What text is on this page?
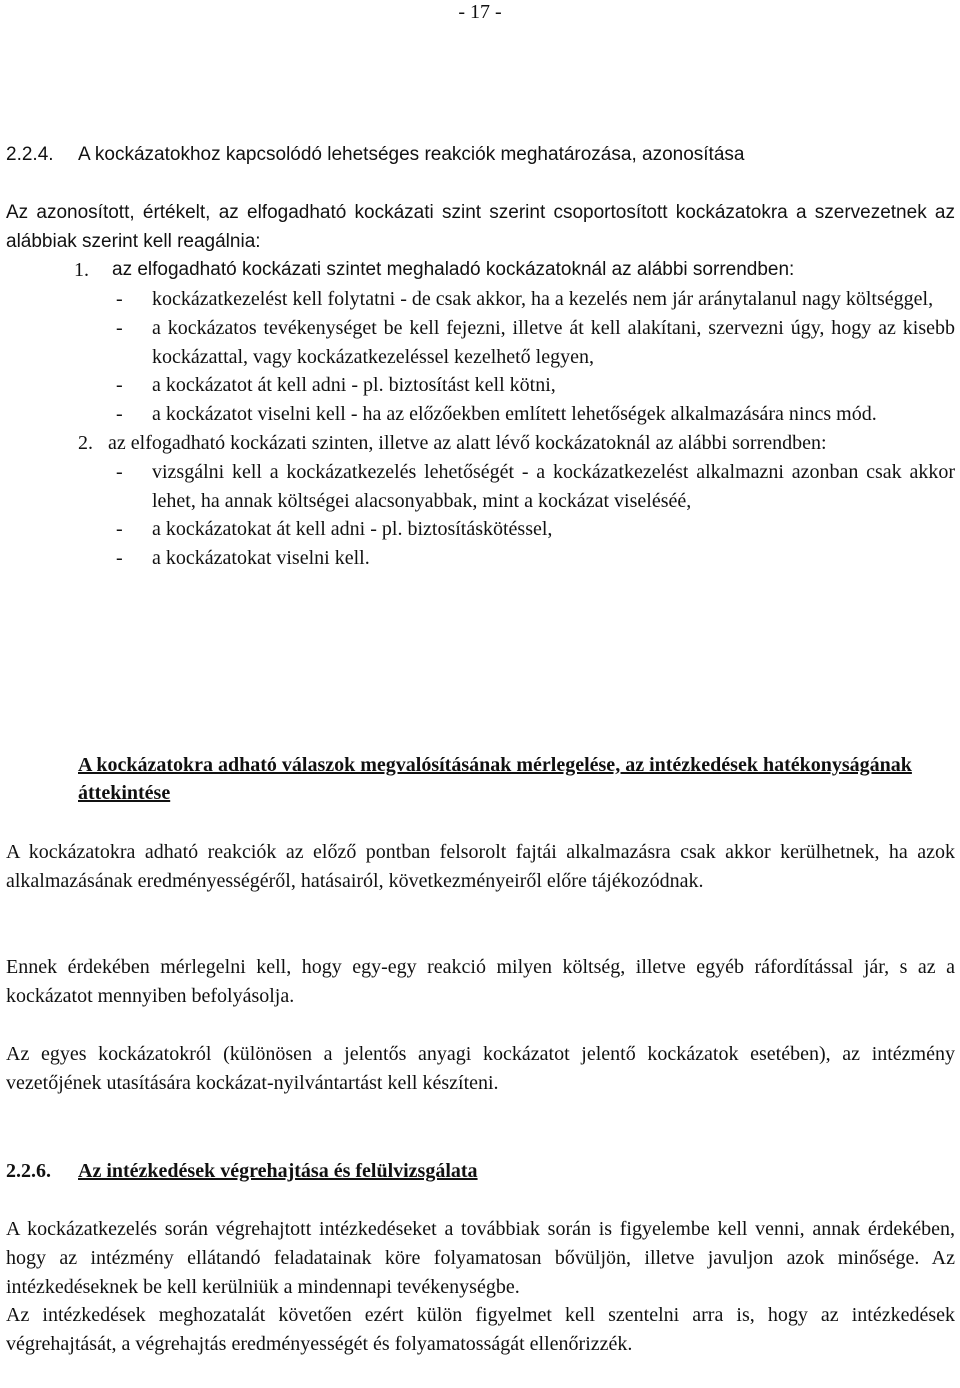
- 17 -

2.2.4. A kockázatokhoz kapcsolódó lehetséges reakciók meghatározása, azonosítása

Az azonosított, értékelt, az elfogadható kockázati szint szerint csoportosított kockázatokra a szervezetnek az alábbiak szerint kell reagálnia:

1.	az elfogadható kockázati szintet meghaladó kockázatoknál az alábbi sorrendben:
- kockázatkezelést kell folytatni - de csak akkor, ha a kezelés nem jár aránytalanul nagy költséggel,
- a kockázatos tevékenységet be kell fejezni, illetve át kell alakítani, szervezni úgy, hogy az kisebb kockázattal, vagy kockázatkezeléssel kezelhető legyen,
- a kockázatot át kell adni - pl. biztosítást kell kötni,
- a kockázatot viselni kell - ha az előzőekben említett lehetőségek alkalmazására nincs mód.
2. az elfogadható kockázati szinten, illetve az alatt lévő kockázatoknál az alábbi sorrendben:
- vizsgálni kell a kockázatkezelés lehetőségét - a kockázatkezelést alkalmazni azonban csak akkor lehet, ha annak költségei alacsonyabbak, mint a kockázat viseléséé,
- a kockázatokat át kell adni - pl. biztosításkötéssel,
- a kockázatokat viselni kell.

A kockázatokra adható válaszok megvalósításának mérlegelése, az intézkedések hatékonyságának áttekintése

A kockázatokra adható reakciók az előző pontban felsorolt fajtái alkalmazásra csak akkor kerülhetnek, ha azok alkalmazásának eredményességéről, hatásairól, következményeiről előre tájékozódnak.

Ennek érdekében mérlegelni kell, hogy egy-egy reakció milyen költség, illetve egyéb ráfordítással jár, s az a kockázatot mennyiben befolyásolja.

Az egyes kockázatokról (különösen a jelentős anyagi kockázatot jelentő kockázatok esetében), az intézmény vezetőjének utasítására kockázat-nyilvántartást kell készíteni.

2.2.6. Az intézkedések végrehajtása és felülvizsgálata

A kockázatkezelés során végrehajtott intézkedéseket a továbbiak során is figyelembe kell venni, annak érdekében, hogy az intézmény ellátandó feladatainak köre folyamatosan bővüljön, illetve javuljon azok minősége. Az intézkedéseknek be kell kerülniük a mindennapi tevékenységbe.

Az intézkedések meghozatalát követően ezért külön figyelmet kell szentelni arra is, hogy az intézkedések végrehajtását, a végrehajtás eredményességét és folyamatosságát ellenőrizzék.
